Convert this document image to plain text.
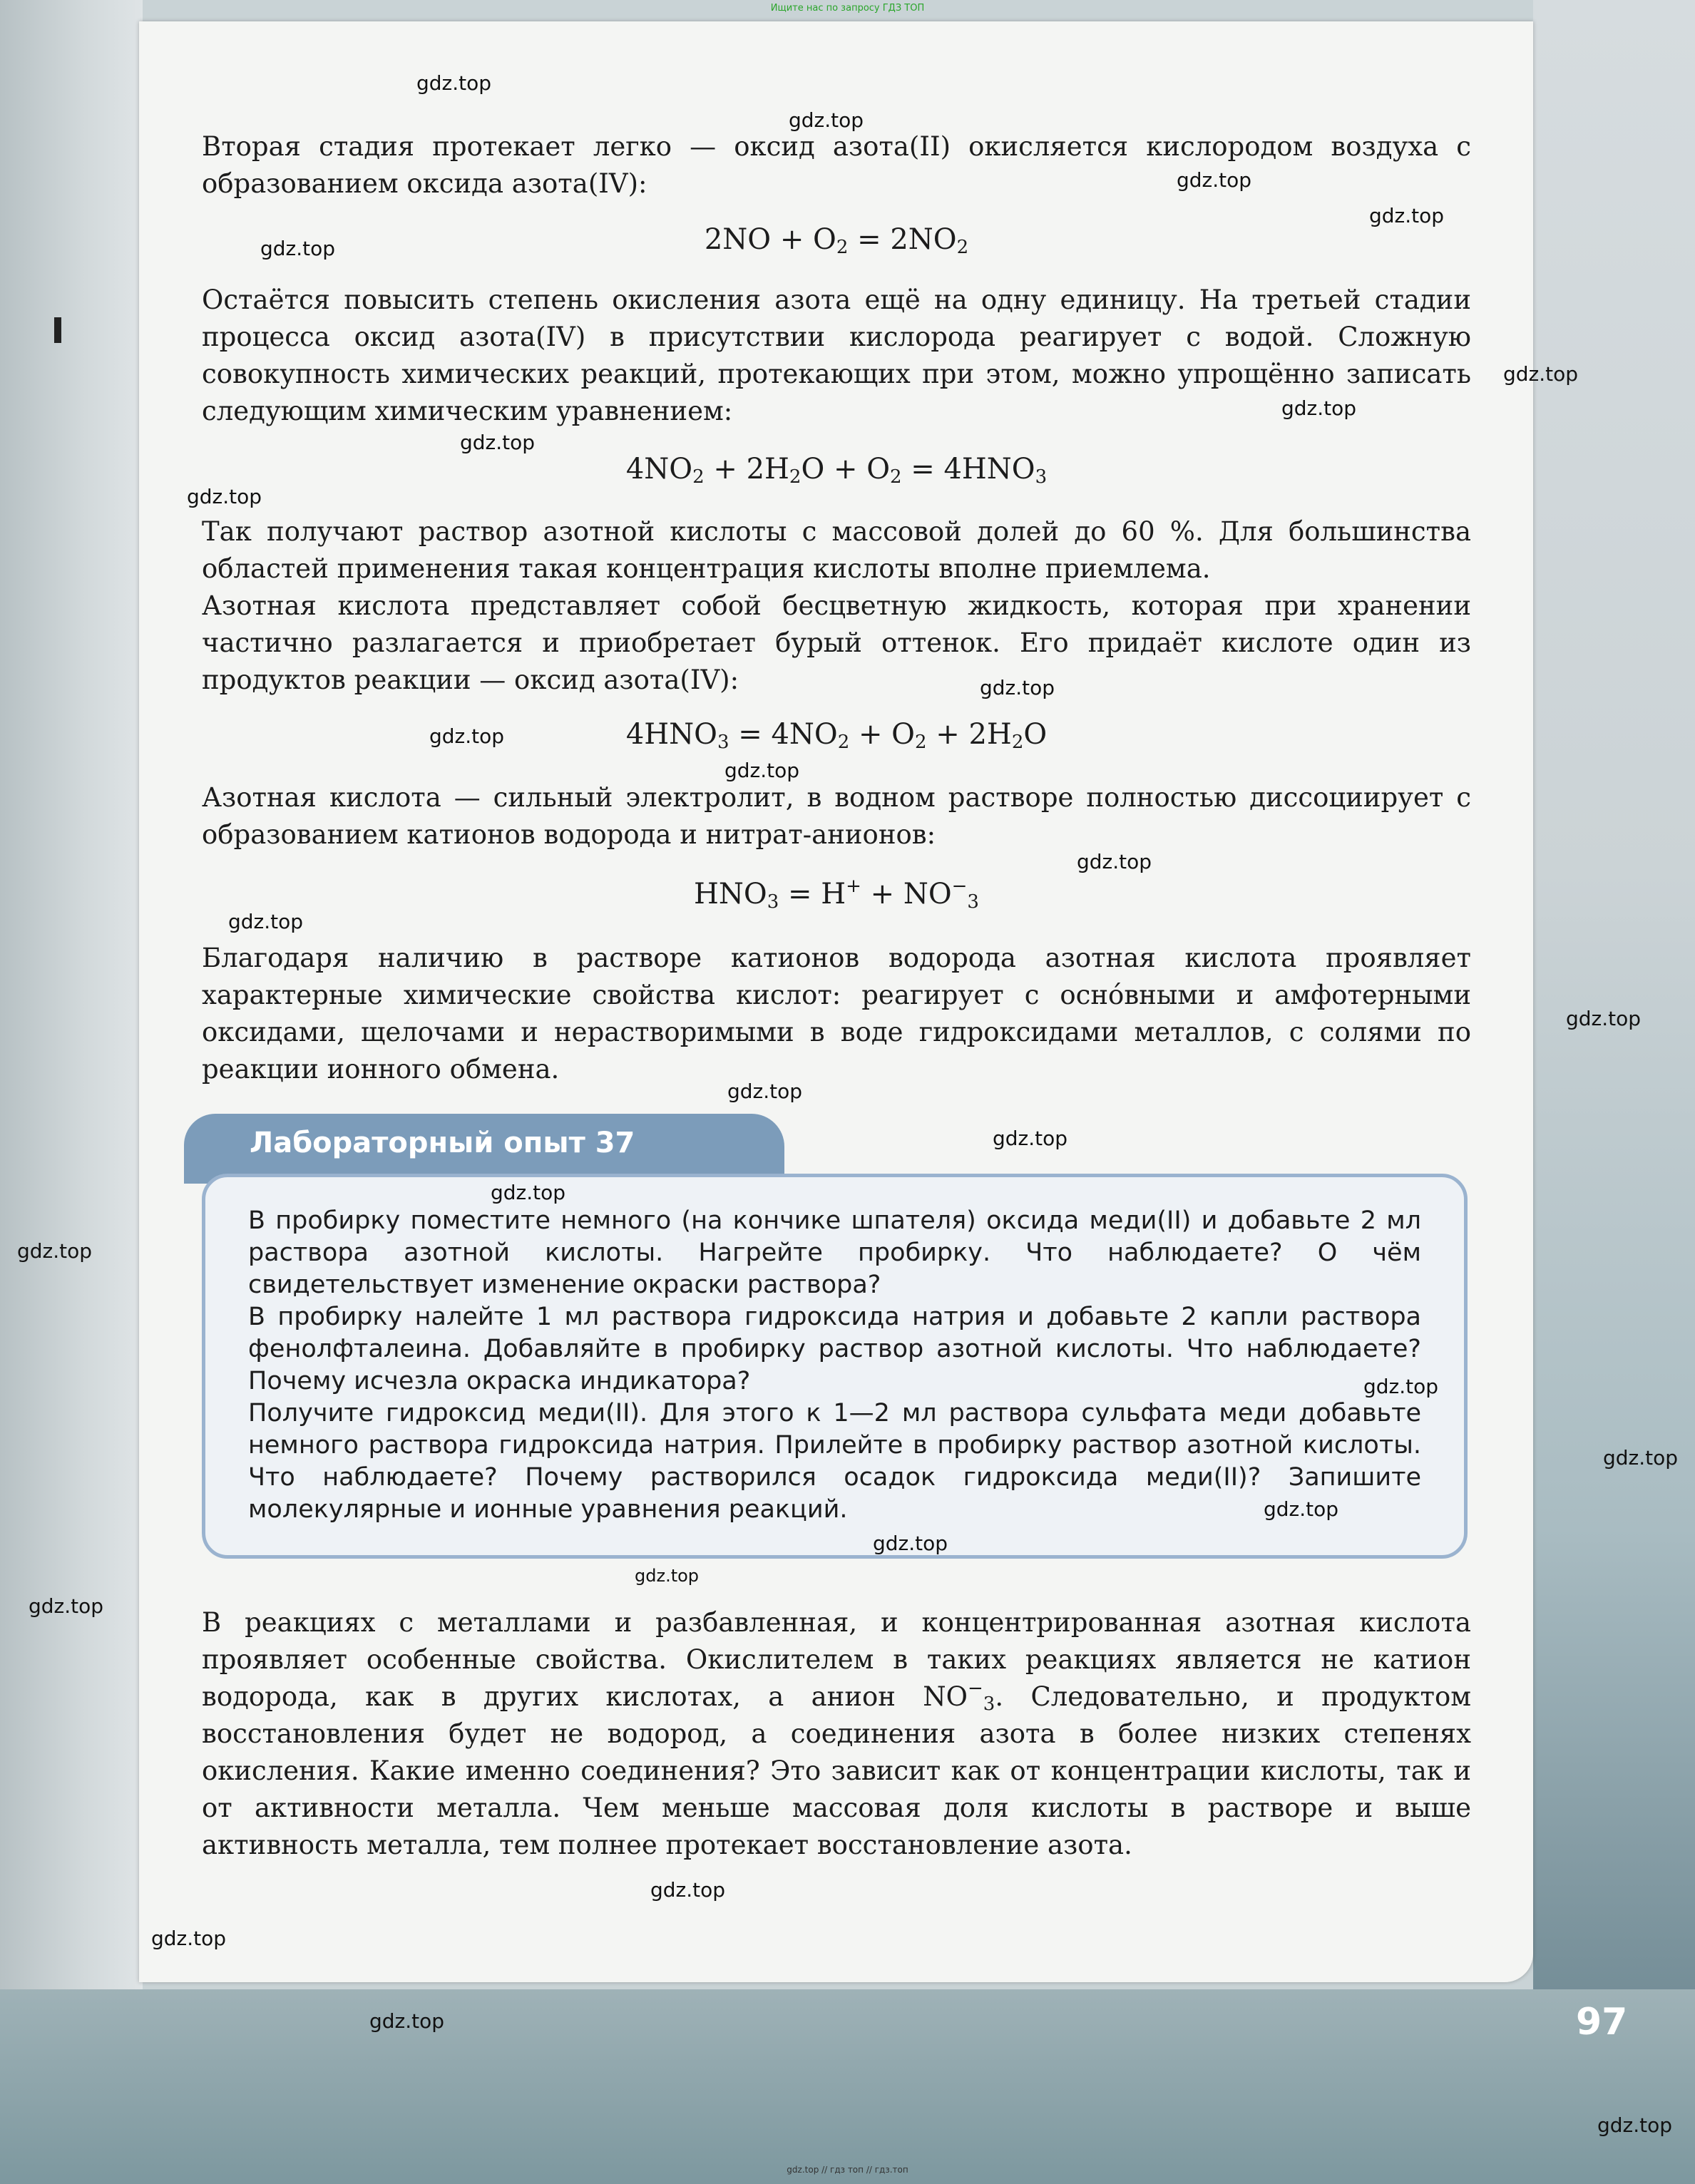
Ищите нас по запросу ГДЗ ТОП

Вторая стадия протекает легко — оксид азота(II) окисляется кислородом воздуха с образованием оксида азота(IV):

$2NO + O_2 = 2NO_2$

Остаётся повысить степень окисления азота ещё на одну единицу. На третьей стадии процесса оксид азота(IV) в присутствии кислорода реагирует с водой. Сложную совокупность химических реакций, протекающих при этом, можно упрощённо записать следующим химическим уравнением:

$4NO_2 + 2H_2O + O_2 = 4HNO_3$

Так получают раствор азотной кислоты с массовой долей до 60 %. Для большинства областей применения такая концентрация кислоты вполне приемлема.

Азотная кислота представляет собой бесцветную жидкость, которая при хранении частично разлагается и приобретает бурый оттенок. Его придаёт кислоте один из продуктов реакции — оксид азота(IV):

$4HNO_3 = 4NO_2 + O_2 + 2H_2O$

Азотная кислота — сильный электролит, в водном растворе полностью диссоциирует с образованием катионов водорода и нитрат-анионов:

$HNO_3 = H^+ + NO^-_3$

Благодаря наличию в растворе катионов водорода азотная кислота проявляет характерные химические свойства кислот: реагирует с оснóвными и амфотерными оксидами, щелочами и нерастворимыми в воде гидроксидами металлов, с солями по реакции ионного обмена.

Лабораторный опыт 37
В пробирку поместите немного (на кончике шпателя) оксида меди(II) и добавьте 2 мл раствора азотной кислоты. Нагрейте пробирку. Что наблюдаете? О чём свидетельствует изменение окраски раствора?
В пробирку налейте 1 мл раствора гидроксида натрия и добавьте 2 капли раствора фенолфталеина. Добавляйте в пробирку раствор азотной кислоты. Что наблюдаете? Почему исчезла окраска индикатора?
Получите гидроксид меди(II). Для этого к 1—2 мл раствора сульфата меди добавьте немного раствора гидроксида натрия. Прилейте в пробирку раствор азотной кислоты. Что наблюдаете? Почему растворился осадок гидроксида меди(II)? Запишите молекулярные и ионные уравнения реакций.

В реакциях с металлами и разбавленная, и концентрированная азотная кислота проявляет особенные свойства. Окислителем в таких реакциях является не катион водорода, как в других кислотах, а анион $NO^-_3$. Следовательно, и продуктом восстановления будет не водород, а соединения азота в более низких степенях окисления. Какие именно соединения? Это зависит как от концентрации кислоты, так и от активности металла. Чем меньше массовая доля кислоты в растворе и выше активность металла, тем полнее протекает восстановление азота.

97
gdz.top
gdz.top
gdz.top
gdz.top
gdz.top
gdz.top
gdz.top
gdz.top
gdz.top
gdz.top
gdz.top
gdz.top
gdz.top
gdz.top
gdz.top
gdz.top
gdz.top
gdz.top
gdz.top
gdz.top
gdz.top
gdz.top
gdz.top
gdz.top
gdz.top
gdz.top
gdz.top
gdz.top
gdz.top
gdz.top // гдз топ // гдз.топ
